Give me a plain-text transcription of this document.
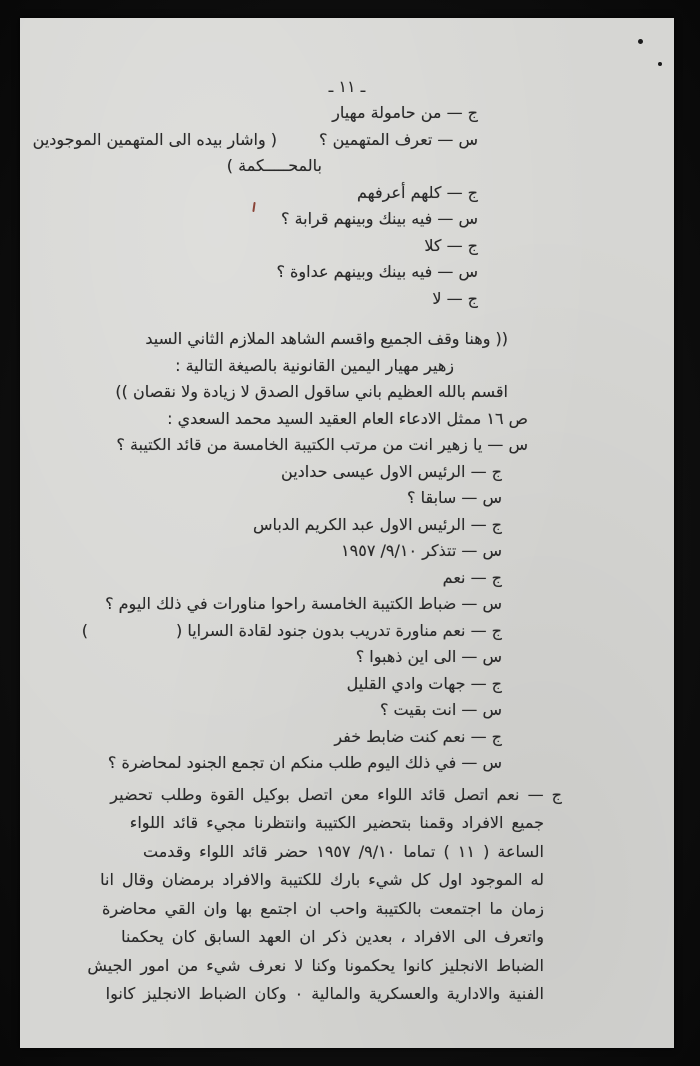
ـ ١١ ـ
ج — من حامولة مهيار
س — تعرف المتهمين ؟( واشار بيده الى المتهمين الموجودين
بالمحـــــكمة )
ج — كلهم أعرفهم
س — فيه بينك وبينهم قرابة ؟
ج — كلا
س — فيه بينك وبينهم عداوة ؟
ج — لا
(( وهنا وقف الجميع واقسم الشاهد الملازم الثاني السيد
زهير مهيار اليمين القانونية بالصيغة التالية :
اقسم بالله العظيم باني ساقول الصدق لا زيادة ولا نقصان ))
ص ١٦ ممثل الادعاء العام العقيد السيد محمد السعدي :
س — يا زهير انت من مرتب الكتيبة الخامسة من قائد الكتيبة ؟
ج — الرئيس الاول عيسى حدادين
س — سابقا ؟
ج — الرئيس الاول عبد الكريم الدباس
س — تتذكر ١٠‏/‏٩‏/‏ ١٩٥٧
ج — نعم
س — ضباط الكتيبة الخامسة راحوا مناورات في ذلك اليوم ؟
ج — نعم مناورة تدريب بدون جنود لقادة السرايا ()
س — الى اين ذهبوا ؟
ج — جهات وادي القليل
س — انت بقيت ؟
ج — نعم كنت ضابط خفر
س — في ذلك اليوم طلب منكم ان تجمع الجنود لمحاضرة ؟
ج — نعم اتصل قائد اللواء معن اتصل بوكيل القوة وطلب تحضير
جميع الافراد وقمنا بتحضير الكتيبة وانتظرنا مجيء قائد اللواء
الساعة ( ١١ ) تماما ١٠‏/‏٩‏/‏ ١٩٥٧ حضر قائد اللواء وقدمت
له الموجود اول كل شيء بارك للكتيبة والافراد برمضان وقال انا
زمان ما اجتمعت بالكتيبة واحب ان اجتمع بها وان القي محاضرة
واتعرف الى الافراد ، بعدين ذكر ان العهد السابق كان يحكمنا
الضباط الانجليز كانوا يحكمونا وكنا لا نعرف شيء من امور الجيش
الفنية والادارية والعسكرية والمالية ٠ وكان الضباط الانجليز كانوا
